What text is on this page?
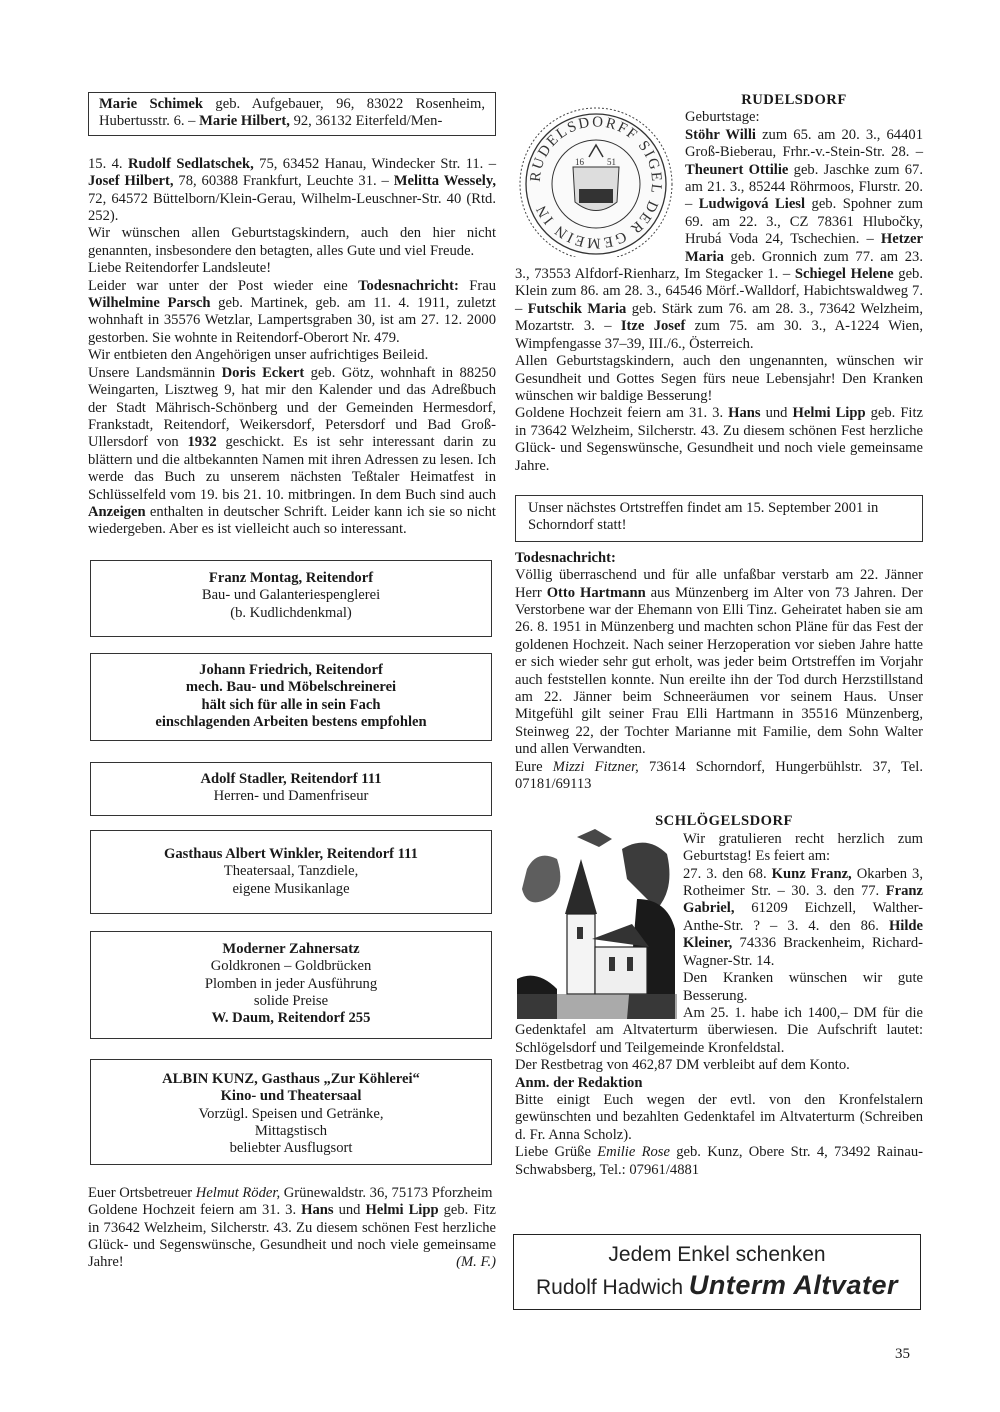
Marie Schimek geb. Aufgebauer, 96, 83022 Rosenheim, Hubertusstr. 6. – Marie Hilbert, 92, 36132 Eiterfeld/Men-

15. 4. Rudolf Sedlatschek, 75, 63452 Hanau, Windecker Str. 11. – Josef Hilbert, 78, 60388 Frankfurt, Leuchte 31. – Melitta Wessely, 72, 64572 Büttelborn/Klein-Gerau, Wilhelm-Leuschner-Str. 40 (Rtd. 252).

Wir wünschen allen Geburtstagskindern, auch den hier nicht genannten, insbesondere den betagten, alles Gute und viel Freude.

Liebe Reitendorfer Landsleute!

Leider war unter der Post wieder eine Todesnachricht: Frau Wilhelmine Parsch geb. Martinek, geb. am 11. 4. 1911, zuletzt wohnhaft in 35576 Wetzlar, Lampertsgraben 30, ist am 27. 12. 2000 gestorben. Sie wohnte in Reitendorf-Oberort Nr. 479.

Wir entbieten den Angehörigen unser aufrichtiges Beileid.

Unsere Landsmännin Doris Eckert geb. Götz, wohnhaft in 88250 Weingarten, Lisztweg 9, hat mir den Kalender und das Adreßbuch der Stadt Mährisch-Schönberg und der Gemeinden Hermesdorf, Frankstadt, Reitendorf, Weikersdorf, Petersdorf und Bad Groß-Ullersdorf von 1932 geschickt. Es ist sehr interessant darin zu blättern und die altbekannten Namen mit ihren Adressen zu lesen. Ich werde das Buch zu unserem nächsten Teßtaler Heimatfest in Schlüsselfeld vom 19. bis 21. 10. mitbringen. In dem Buch sind auch Anzeigen enthalten in deutscher Schrift. Leider kann ich sie so nicht wiedergeben. Aber es ist vielleicht auch so interessant.

Franz Montag, Reitendorf

Bau- und Galanteriespenglerei

(b. Kudlichdenkmal)

Johann Friedrich, Reitendorf

mech. Bau- und Möbelschreinerei

hält sich für alle in sein Fach

einschlagenden Arbeiten bestens empfohlen

Adolf Stadler, Reitendorf 111

Herren- und Damenfriseur

Gasthaus Albert Winkler, Reitendorf 111

Theatersaal, Tanzdiele,

eigene Musikanlage

Moderner Zahnersatz

Goldkronen – Goldbrücken

Plomben in jeder Ausführung

solide Preise

W. Daum, Reitendorf 255

ALBIN KUNZ, Gasthaus „Zur Köhlerei“

Kino- und Theatersaal

Vorzügl. Speisen und Getränke,

Mittagstisch

beliebter Ausflugsort

Euer Ortsbetreuer Helmut Röder, Grünewaldstr. 36, 75173 Pforzheim

Goldene Hochzeit feiern am 31. 3. Hans und Helmi Lipp geb. Fitz in 73642 Welzheim, Silcherstr. 43. Zu diesem schönen Fest herzliche Glück- und Segenswünsche, Gesundheit und noch viele gemeinsame Jahre!	(M. F.)

RUDELSDORF

RUDELSDORFF SIGEL DER GEMEIN IN
16	51

Geburtstage:

Stöhr Willi zum 65. am 20. 3., 64401 Groß-Bieberau, Frhr.-v.-Stein-Str. 28. – Theunert Ottilie geb. Jaschke zum 67. am 21. 3., 85244 Röhrmoos, Flurstr. 20. – Ludwigová Liesl geb. Spohner zum 69. am 22. 3., CZ 78361 Hlubočky, Hrubá Voda 24, Tschechien. – Hetzer Maria geb. Gronnich zum 77. am 23. 3., 73553 Alfdorf-Rienharz, Im Stegacker 1. – Schiegel Helene geb. Klein zum 86. am 28. 3., 64546 Mörf.-Walldorf, Habichtswaldweg 7. – Futschik Maria geb. Stärk zum 76. am 28. 3., 73642 Welzheim, Mozartstr. 3. – Itze Josef zum 75. am 30. 3., A-1224 Wien, Wimpfengasse 37–39, III./6., Österreich.

Allen Geburtstagskindern, auch den ungenannten, wünschen wir Gesundheit und Gottes Segen fürs neue Lebensjahr! Den Kranken wünschen wir baldige Besserung!

Goldene Hochzeit feiern am 31. 3. Hans und Helmi Lipp geb. Fitz in 73642 Welzheim, Silcherstr. 43. Zu diesem schönen Fest herzliche Glück- und Segenswünsche, Gesundheit und noch viele gemeinsame Jahre.

Unser nächstes Ortstreffen findet am 15. September 2001 in Schorndorf statt!

Todesnachricht:

Völlig überraschend und für alle unfaßbar verstarb am 22. Jänner Herr Otto Hartmann aus Münzenberg im Alter von 73 Jahren. Der Verstorbene war der Ehemann von Elli Tinz. Geheiratet haben sie am 26. 8. 1951 in Münzenberg und machten schon Pläne für das Fest der goldenen Hochzeit. Nach seiner Herzoperation vor sieben Jahre hatte er sich wieder sehr gut erholt, was jeder beim Ortstreffen im Vorjahr auch feststellen konnte. Nun ereilte ihn der Tod durch Herzstillstand am 22. Jänner beim Schneeräumen vor seinem Haus. Unser Mitgefühl gilt seiner Frau Elli Hartmann in 35516 Münzenberg, Steinweg 22, der Tochter Marianne mit Familie, dem Sohn Walter und allen Verwandten.

Eure Mizzi Fitzner, 73614 Schorndorf, Hungerbühlstr. 37, Tel. 07181/69113

SCHLÖGELSDORF

Wir gratulieren recht herzlich zum Geburtstag! Es feiert am:

27. 3. den 68. Kunz Franz, Okarben 3, Rotheimer Str. – 30. 3. den 77. Franz Gabriel, 61209 Eichzell, Walther-Anthe-Str. ? – 3. 4. den 86. Hilde Kleiner, 74336 Brackenheim, Richard-Wagner-Str. 14.

Den Kranken wünschen wir gute Besserung.

Am 25. 1. habe ich 1400,– DM für die Gedenktafel am Altvaterturm überwiesen. Die Aufschrift lautet: Schlögelsdorf und Teilgemeinde Kronfeldstal.

Der Restbetrag von 462,87 DM verbleibt auf dem Konto.

Anm. der Redaktion

Bitte einigt Euch wegen der evtl. von den Kronfelstalern gewünschten und bezahlten Gedenktafel im Altvaterturm (Schreiben d. Fr. Anna Scholz).

Liebe Grüße Emilie Rose geb. Kunz, Obere Str. 4, 73492 Rainau-Schwabsberg, Tel.: 07961/4881

Jedem Enkel schenken
Rudolf Hadwich Unterm Altvater
35
